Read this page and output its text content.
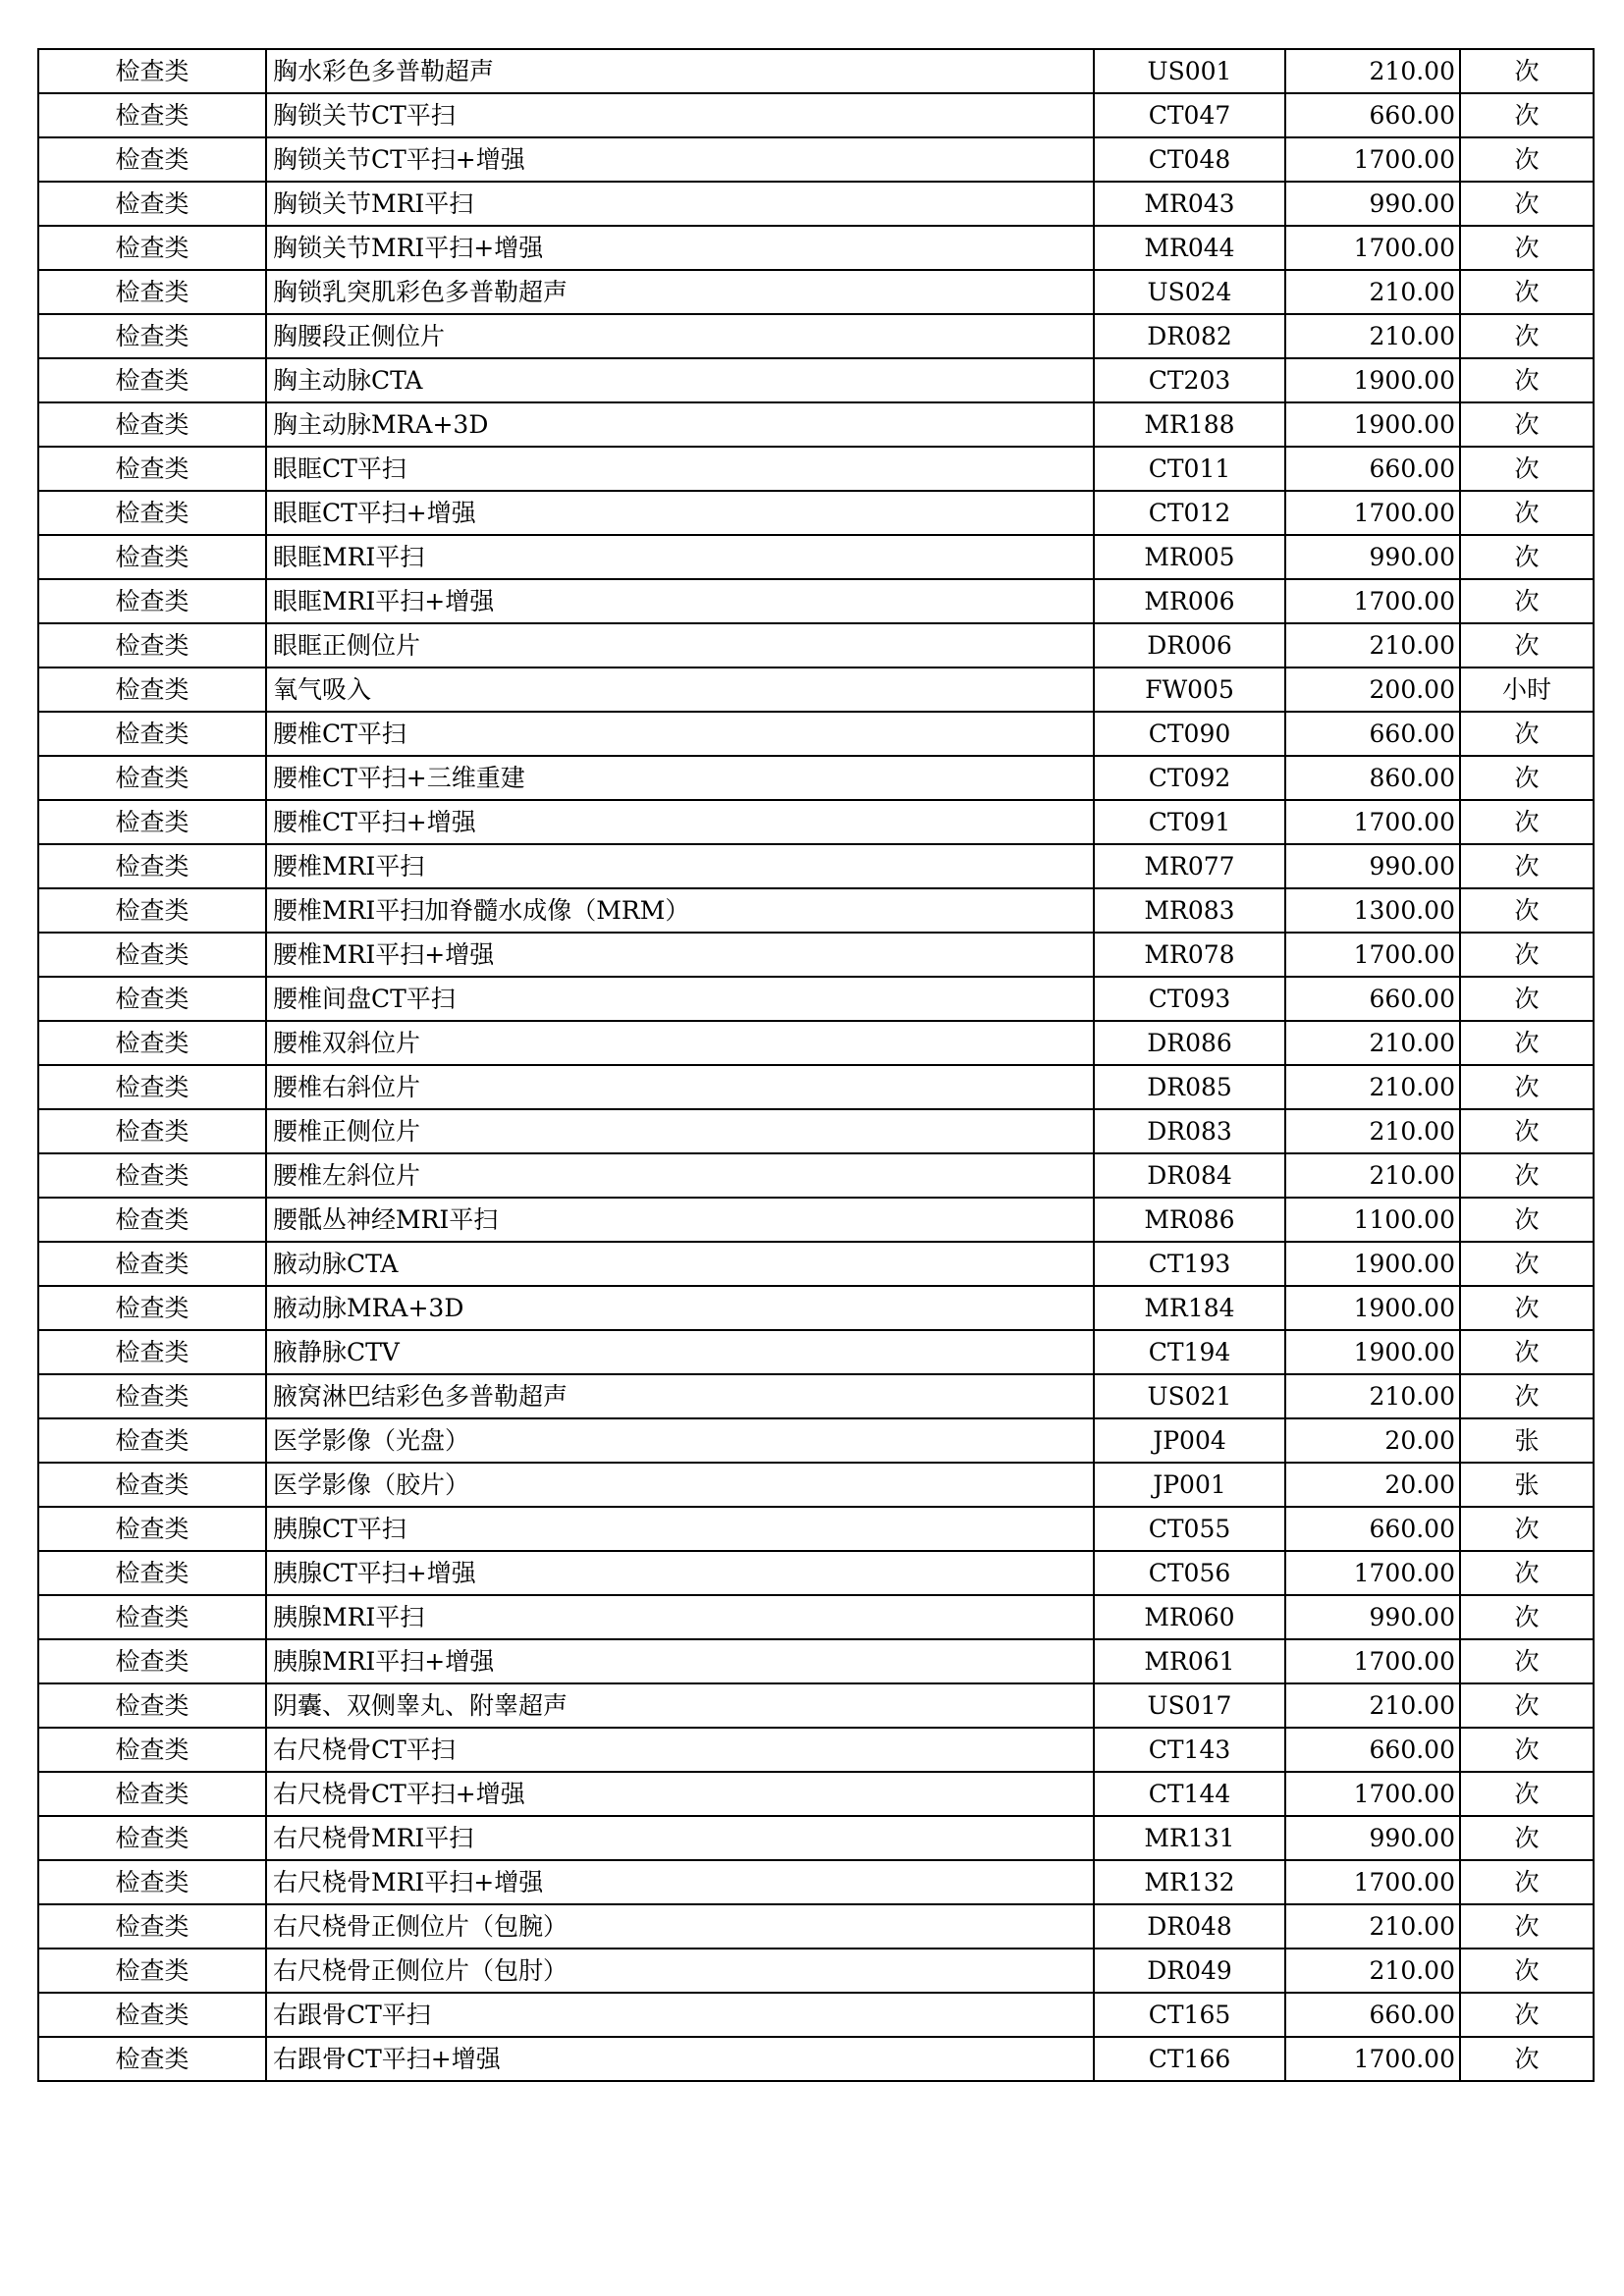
检查类	胸水彩色多普勒超声	US001	210.00	次
检查类	胸锁关节CT平扫	CT047	660.00	次
检查类	胸锁关节CT平扫+增强	CT048	1700.00	次
检查类	胸锁关节MRI平扫	MR043	990.00	次
检查类	胸锁关节MRI平扫+增强	MR044	1700.00	次
检查类	胸锁乳突肌彩色多普勒超声	US024	210.00	次
检查类	胸腰段正侧位片	DR082	210.00	次
检查类	胸主动脉CTA	CT203	1900.00	次
检查类	胸主动脉MRA+3D	MR188	1900.00	次
检查类	眼眶CT平扫	CT011	660.00	次
检查类	眼眶CT平扫+增强	CT012	1700.00	次
检查类	眼眶MRI平扫	MR005	990.00	次
检查类	眼眶MRI平扫+增强	MR006	1700.00	次
检查类	眼眶正侧位片	DR006	210.00	次
检查类	氧气吸入	FW005	200.00	小时
检查类	腰椎CT平扫	CT090	660.00	次
检查类	腰椎CT平扫+三维重建	CT092	860.00	次
检查类	腰椎CT平扫+增强	CT091	1700.00	次
检查类	腰椎MRI平扫	MR077	990.00	次
检查类	腰椎MRI平扫加脊髓水成像（MRM）	MR083	1300.00	次
检查类	腰椎MRI平扫+增强	MR078	1700.00	次
检查类	腰椎间盘CT平扫	CT093	660.00	次
检查类	腰椎双斜位片	DR086	210.00	次
检查类	腰椎右斜位片	DR085	210.00	次
检查类	腰椎正侧位片	DR083	210.00	次
检查类	腰椎左斜位片	DR084	210.00	次
检查类	腰骶丛神经MRI平扫	MR086	1100.00	次
检查类	腋动脉CTA	CT193	1900.00	次
检查类	腋动脉MRA+3D	MR184	1900.00	次
检查类	腋静脉CTV	CT194	1900.00	次
检查类	腋窝淋巴结彩色多普勒超声	US021	210.00	次
检查类	医学影像（光盘）	JP004	20.00	张
检查类	医学影像（胶片）	JP001	20.00	张
检查类	胰腺CT平扫	CT055	660.00	次
检查类	胰腺CT平扫+增强	CT056	1700.00	次
检查类	胰腺MRI平扫	MR060	990.00	次
检查类	胰腺MRI平扫+增强	MR061	1700.00	次
检查类	阴囊、双侧睾丸、附睾超声	US017	210.00	次
检查类	右尺桡骨CT平扫	CT143	660.00	次
检查类	右尺桡骨CT平扫+增强	CT144	1700.00	次
检查类	右尺桡骨MRI平扫	MR131	990.00	次
检查类	右尺桡骨MRI平扫+增强	MR132	1700.00	次
检查类	右尺桡骨正侧位片（包腕）	DR048	210.00	次
检查类	右尺桡骨正侧位片（包肘）	DR049	210.00	次
检查类	右跟骨CT平扫	CT165	660.00	次
检查类	右跟骨CT平扫+增强	CT166	1700.00	次
